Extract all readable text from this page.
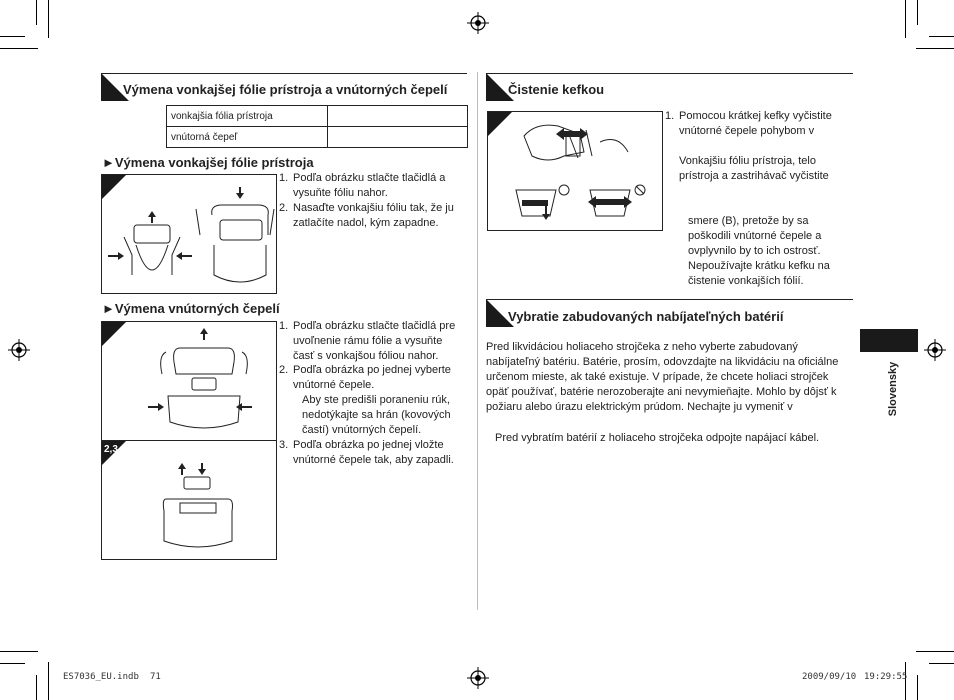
Výmena vonkajšej fólie prístroja a vnútorných čepelí
vonkajšia fólia prístroja	
vnútorná čepeľ	
►Výmena vonkajšej fólie prístroja
1. Podľa obrázku stlačte tlačidlá a vysuňte fóliu nahor.
2. Nasaďte vonkajšiu fóliu tak, že ju zatlačíte nadol, kým zapadne.
►Výmena vnútorných čepelí
2,3
1. Podľa obrázku stlačte tlačidlá pre uvoľnenie rámu fólie a vysuňte časť s vonkajšou fóliou nahor.
2. Podľa obrázka po jednej vyberte vnútorné čepele.
Aby ste predišli poraneniu rúk, nedotýkajte sa hrán (kovových častí) vnútorných čepelí.
3. Podľa obrázka po jednej vložte vnútorné čepele tak, aby zapadli.
Čistenie kefkou
1. Pomocou krátkej kefky vyčistite vnútorné čepele pohybom v
Vonkajšiu fóliu prístroja, telo prístroja a zastrihávač vyčistite
smere (B), pretože by sa poškodili vnútorné čepele a ovplyvnilo by to ich ostrosť. Nepoužívajte krátku kefku na čistenie vonkajších fólií.
Vybratie zabudovaných nabíjateľných batérií
Pred likvidáciou holiaceho strojčeka z neho vyberte zabudovaný nabíjateľný batériu. Batérie, prosím, odovzdajte na likvidáciu na oficiálne určenom mieste, ak také existuje. V prípade, že chcete holiaci strojček opäť používať, batérie nerozoberajte ani nevymieňajte. Mohlo by dôjsť k požiaru alebo úrazu elektrickým prúdom. Nechajte ju vymeniť v
Pred vybratím batérií z holiaceho strojčeka odpojte napájací kábel.
Slovensky
ES7036_EU.indb 71	2009/09/10 19:29:55
